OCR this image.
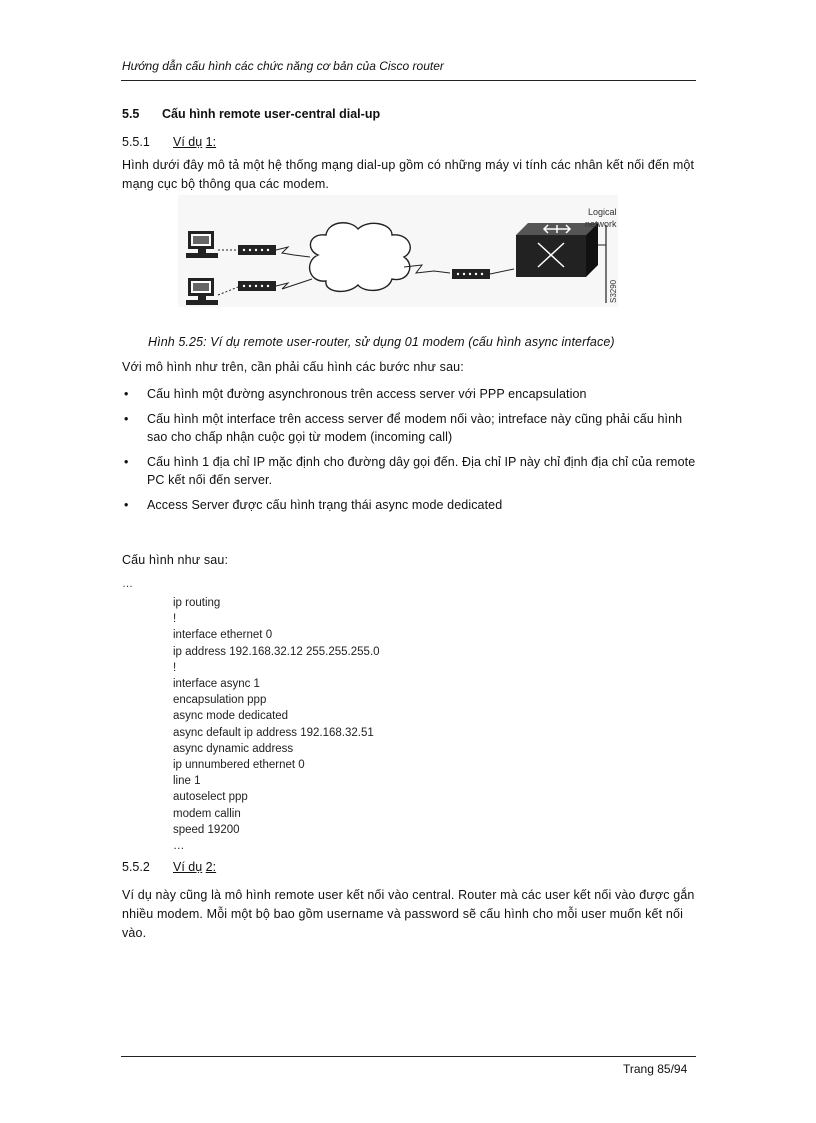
Hướng dẫn cấu hình các chức năng cơ bản của Cisco router
5.5 Cấu hình remote user-central dial-up
5.5.1 Ví dụ 1:
Hình dưới đây mô tả một hệ thống mạng dial-up gồm có những máy vi tính các nhân kết nối đến một mạng cục bộ thông qua các modem.
Logical
network
S3290
Hình 5.25: Ví dụ remote user-router, sử dụng 01 modem (cấu hình async interface)
Với mô hình như trên, cần phải cấu hình các bước như sau:
• Cấu hình một đường asynchronous trên access server với PPP encapsulation
• Cấu hình một interface trên access server để modem nối vào; intreface này cũng phải cấu hình sao cho chấp nhận cuộc gọi từ modem (incoming call)
• Cấu hình 1 địa chỉ IP mặc định cho đường dây gọi đến. Địa chỉ IP này chỉ định địa chỉ của remote PC kết nối đến server.
• Access Server được cấu hình trạng thái async mode dedicated
Cấu hình như sau:
…
ip routing
!
interface ethernet 0
ip address 192.168.32.12 255.255.255.0
!
interface async 1
encapsulation ppp
async mode dedicated
async default ip address 192.168.32.51
async dynamic address
ip unnumbered ethernet 0
line 1
autoselect ppp
modem callin
speed 19200
…
5.5.2 Ví dụ 2:
Ví dụ này cũng là mô hình remote user kết nối vào central. Router mà các user kết nối vào được gắn nhiều modem. Mỗi một bộ bao gồm username và password sẽ cấu hình cho mỗi user muốn kết nối vào.
Trang 85/94
